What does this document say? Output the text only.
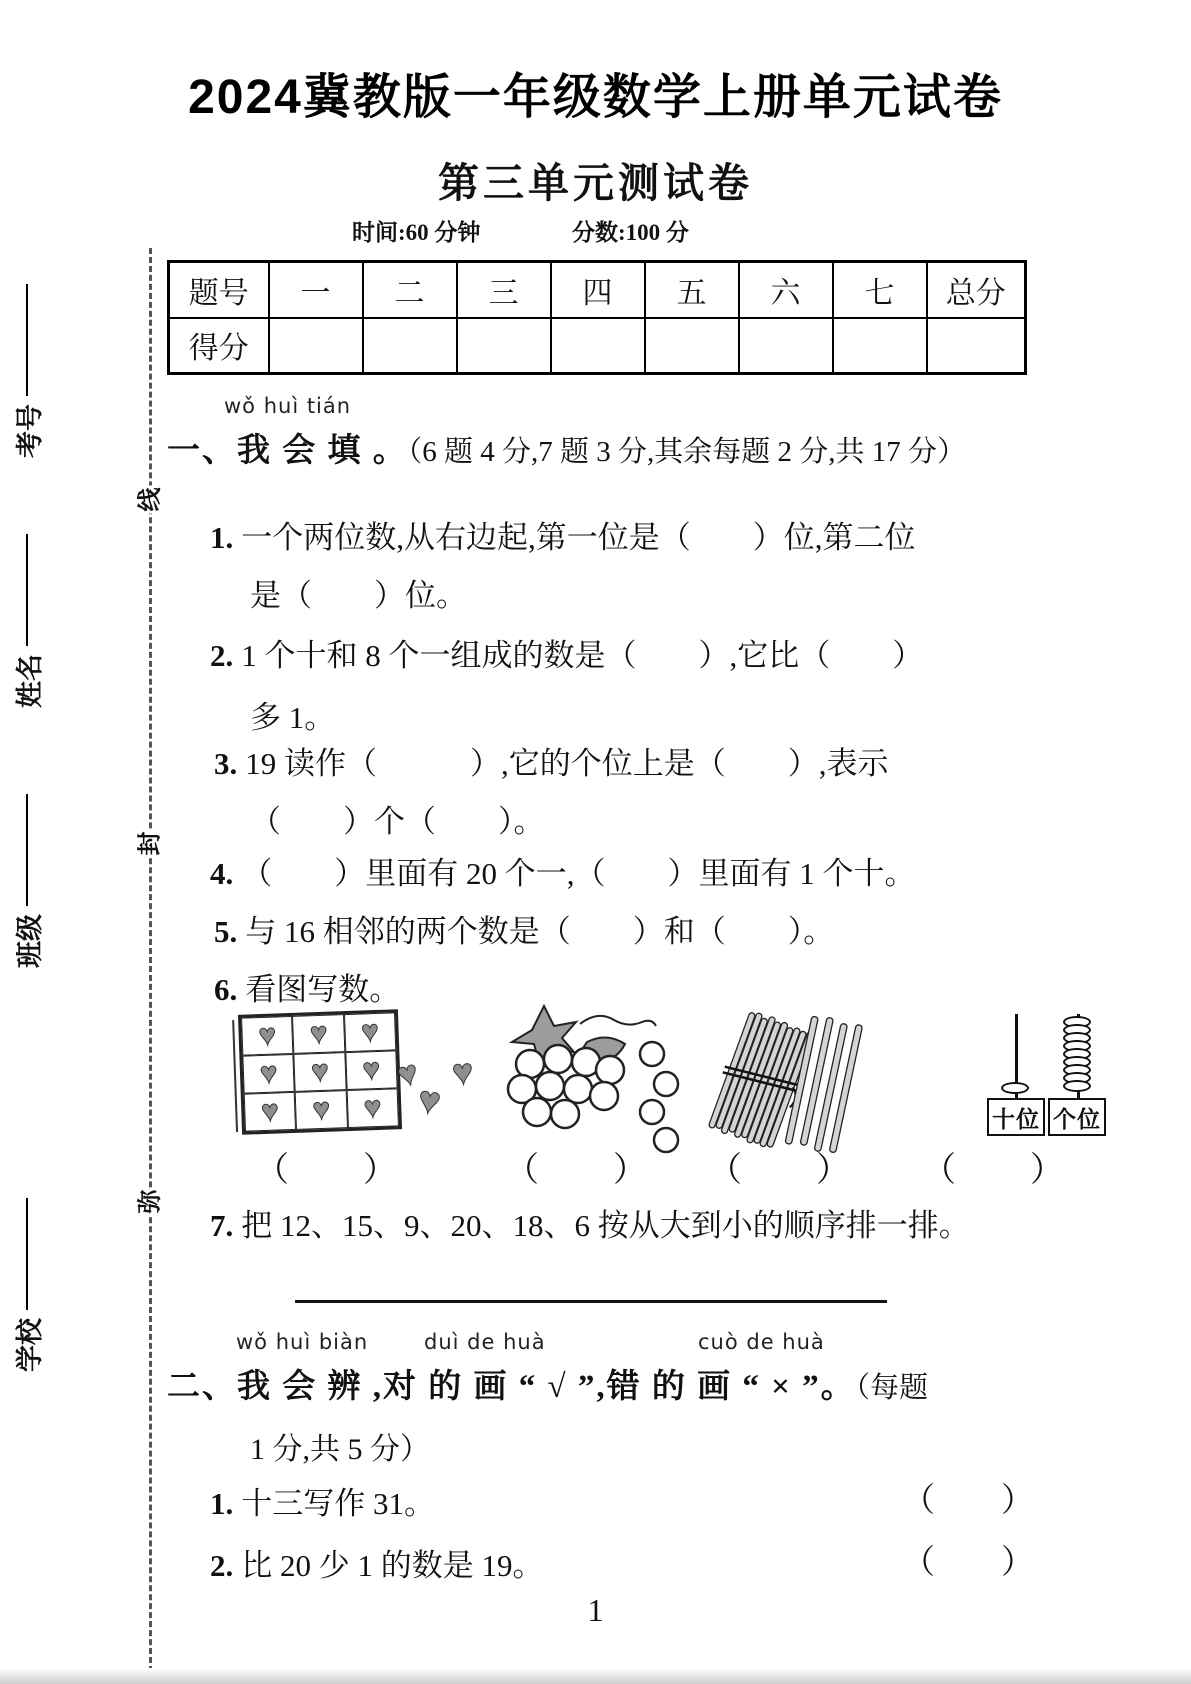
考号
姓名
班级
学校
线
封
弥
2024冀教版一年级数学上册单元试卷
第三单元测试卷
时间:60 分钟	分数:100 分
题号	一	二	三	四	五	六	七	总分
得分								
wǒ huì tián
一、我 会 填 。（6 题 4 分,7 题 3 分,其余每题 2 分,共 17 分）
1. 一个两位数,从右边起,第一位是（　　）位,第二位
是（　　）位。
2. 1 个十和 8 个一组成的数是（　　）,它比（　　）
多 1。
3. 19 读作（　　　）,它的个位上是（　　）,表示
（　　）个（　　）。
4. （　　）里面有 20 个一,（　　）里面有 1 个十。
5. 与 16 相邻的两个数是（　　）和（　　）。
6. 看图写数。
♥ ♥ ♥
♥ ♥ ♥
♥ ♥ ♥
♥
♥
♥
十位 个位
（　　）	（　　） （　　） （　　）
7. 把 12、15、9、20、18、6 按从大到小的顺序排一排。
wǒ huì biàn	duì de huà	cuò de huà
二、我 会 辨 ,对 的 画 “ √ ”,错 的 画 “ × ”。（每题
1 分,共 5 分）
1. 十三写作 31。	（　　）
2. 比 20 少 1 的数是 19。	（　　）
1
